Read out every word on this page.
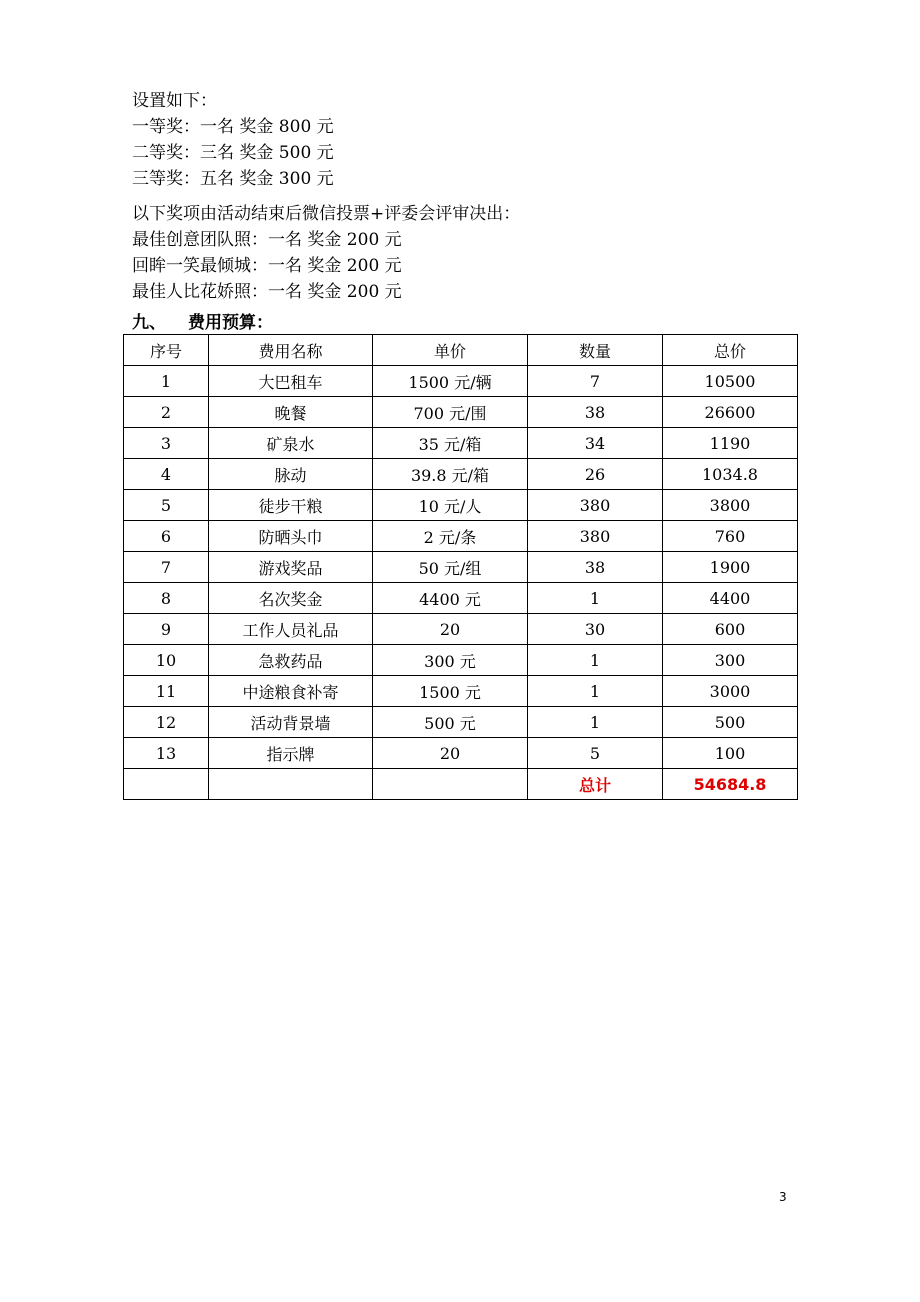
设置如下：
一等奖：一名 奖金 800 元
二等奖：三名 奖金 500 元
三等奖：五名 奖金 300 元
以下奖项由活动结束后微信投票+评委会评审决出：
最佳创意团队照：一名 奖金 200 元
回眸一笑最倾城：一名 奖金 200 元
最佳人比花娇照：一名 奖金 200 元
九、 费用预算：
序号	费用名称	单价	数量	总价
1	大巴租车	1500 元/辆	7	10500
2	晚餐	700 元/围	38	26600
3	矿泉水	35 元/箱	34	1190
4	脉动	39.8 元/箱	26	1034.8
5	徒步干粮	10 元/人	380	3800
6	防晒头巾	2 元/条	380	760
7	游戏奖品	50 元/组	38	1900
8	名次奖金	4400 元	1	4400
9	工作人员礼品	20	30	600
10	急救药品	300 元	1	300
11	中途粮食补寄	1500 元	1	3000
12	活动背景墙	500 元	1	500
13	指示牌	20	5	100
			总计	54684.8
3
